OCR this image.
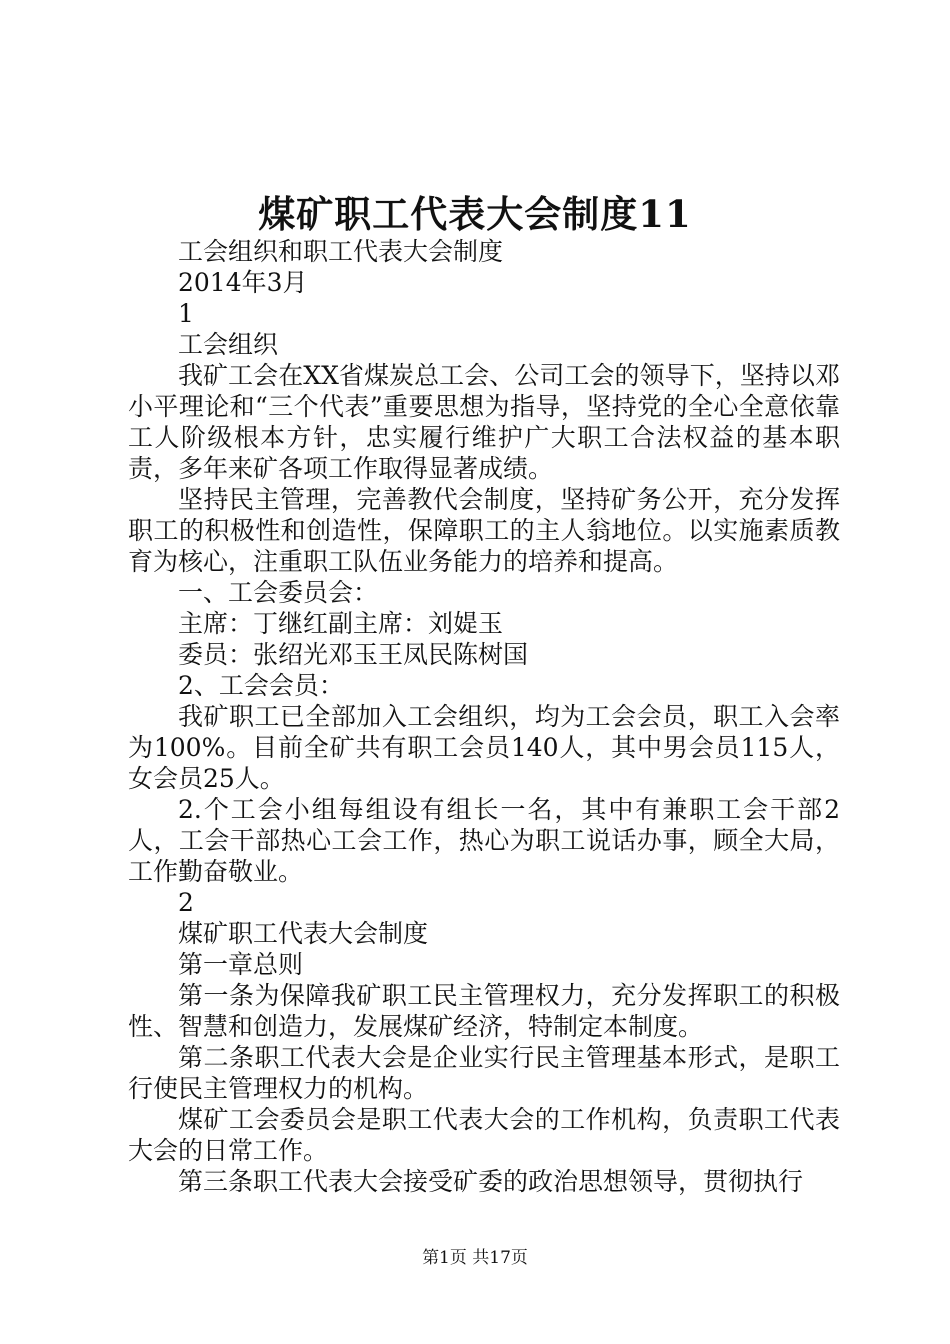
煤矿职工代表大会制度11

工会组织和职工代表大会制度

2014年3月

1

工会组织

我矿工会在XX省煤炭总工会、公司工会的领导下，坚持以邓小平理论和“三个代表”重要思想为指导，坚持党的全心全意依靠工人阶级根本方针，忠实履行维护广大职工合法权益的基本职责，多年来矿各项工作取得显著成绩。

坚持民主管理，完善教代会制度，坚持矿务公开，充分发挥职工的积极性和创造性，保障职工的主人翁地位。以实施素质教育为核心，注重职工队伍业务能力的培养和提高。

一、工会委员会：

主席：丁继红副主席：刘媞玉

委员：张绍光邓玉王凤民陈树国

2、工会会员：

我矿职工已全部加入工会组织，均为工会会员，职工入会率为100%。目前全矿共有职工会员140人，其中男会员115人，女会员25人。

2.个工会小组每组设有组长一名，其中有兼职工会干部2人，工会干部热心工会工作，热心为职工说话办事，顾全大局，工作勤奋敬业。

2

煤矿职工代表大会制度

第一章总则

第一条为保障我矿职工民主管理权力，充分发挥职工的积极性、智慧和创造力，发展煤矿经济，特制定本制度。

第二条职工代表大会是企业实行民主管理基本形式，是职工行使民主管理权力的机构。

煤矿工会委员会是职工代表大会的工作机构，负责职工代表大会的日常工作。

第三条职工代表大会接受矿委的政治思想领导，贯彻执行

第1页 共17页
